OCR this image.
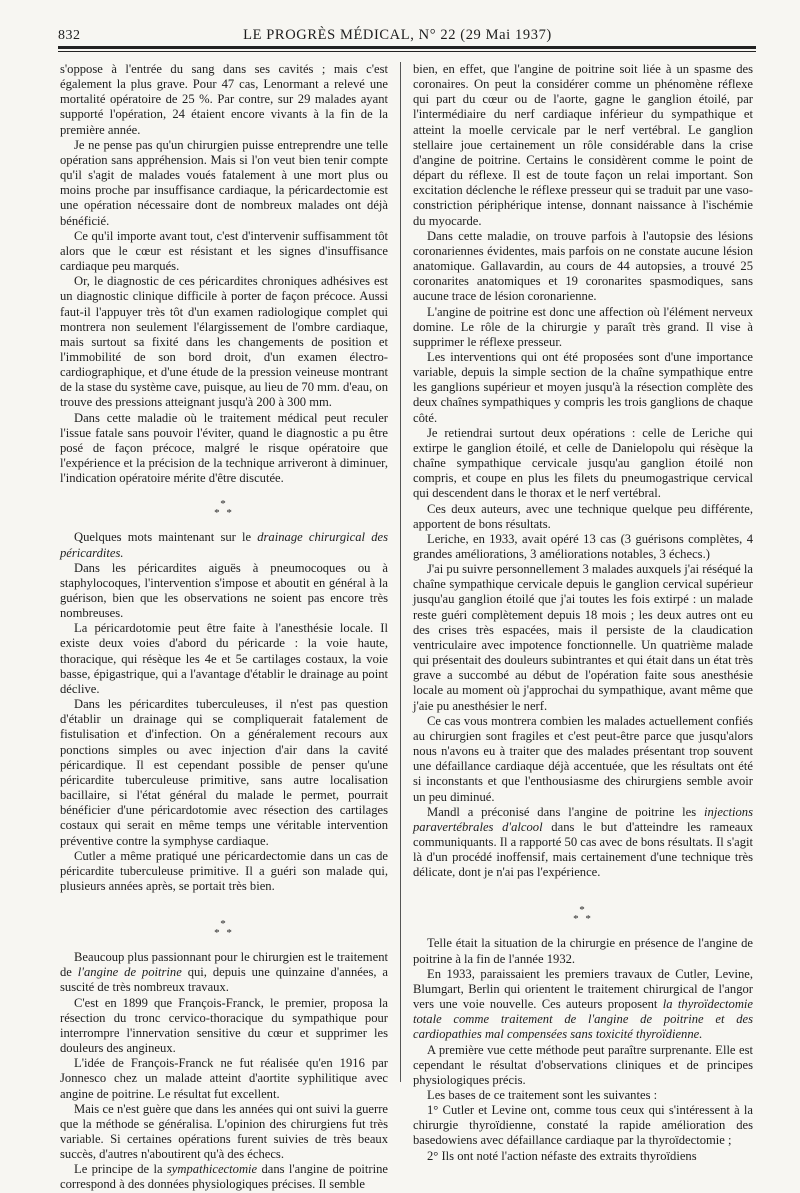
832	LE PROGRÈS MÉDICAL, N° 22 (29 Mai 1937)

s'oppose à l'entrée du sang dans ses cavités ; mais c'est également la plus grave. Pour 47 cas, Lenormant a relevé une mortalité opératoire de 25 %. Par contre, sur 29 malades ayant supporté l'opération, 24 étaient encore vivants à la fin de la première année.

Je ne pense pas qu'un chirurgien puisse entreprendre une telle opération sans appréhension. Mais si l'on veut bien tenir compte qu'il s'agit de malades voués fatalement à une mort plus ou moins proche par insuffisance cardiaque, la péricardectomie est une opération nécessaire dont de nombreux malades ont déjà bénéficié.

Ce qu'il importe avant tout, c'est d'intervenir suffisamment tôt alors que le cœur est résistant et les signes d'insuffisance cardiaque peu marqués.

Or, le diagnostic de ces péricardites chroniques adhésives est un diagnostic clinique difficile à porter de façon précoce. Aussi faut-il l'appuyer très tôt d'un examen radiologique complet qui montrera non seulement l'élargissement de l'ombre cardiaque, mais surtout sa fixité dans les changements de position et l'immobilité de son bord droit, d'un examen électro-cardiographique, et d'une étude de la pression veineuse montrant de la stase du système cave, puisque, au lieu de 70 mm. d'eau, on trouve des pressions atteignant jusqu'à 200 à 300 mm.

Dans cette maladie où le traitement médical peut reculer l'issue fatale sans pouvoir l'éviter, quand le diagnostic a pu être posé de façon précoce, malgré le risque opératoire que l'expérience et la précision de la technique arriveront à diminuer, l'indication opératoire mérite d'être discutée.

*
* *

Quelques mots maintenant sur le drainage chirurgical des péricardites.

Dans les péricardites aiguës à pneumocoques ou à staphylocoques, l'intervention s'impose et aboutit en général à la guérison, bien que les observations ne soient pas encore très nombreuses.

La péricardotomie peut être faite à l'anesthésie locale. Il existe deux voies d'abord du péricarde : la voie haute, thoracique, qui résèque les 4e et 5e cartilages costaux, la voie basse, épigastrique, qui a l'avantage d'établir le drainage au point déclive.

Dans les péricardites tuberculeuses, il n'est pas question d'établir un drainage qui se compliquerait fatalement de fistulisation et d'infection. On a généralement recours aux ponctions simples ou avec injection d'air dans la cavité péricardique. Il est cependant possible de penser qu'une péricardite tuberculeuse primitive, sans autre localisation bacillaire, si l'état général du malade le permet, pourrait bénéficier d'une péricardotomie avec résection des cartilages costaux qui serait en même temps une véritable intervention préventive contre la symphyse cardiaque.

Cutler a même pratiqué une péricardectomie dans un cas de péricardite tuberculeuse primitive. Il a guéri son malade qui, plusieurs années après, se portait très bien.

*
* *

Beaucoup plus passionnant pour le chirurgien est le traitement de l'angine de poitrine qui, depuis une quinzaine d'années, a suscité de très nombreux travaux.

C'est en 1899 que François-Franck, le premier, proposa la résection du tronc cervico-thoracique du sympathique pour interrompre l'innervation sensitive du cœur et supprimer les douleurs des angineux.

L'idée de François-Franck ne fut réalisée qu'en 1916 par Jonnesco chez un malade atteint d'aortite syphilitique avec angine de poitrine. Le résultat fut excellent.

Mais ce n'est guère que dans les années qui ont suivi la guerre que la méthode se généralisa. L'opinion des chirurgiens fut très variable. Si certaines opérations furent suivies de très beaux succès, d'autres n'aboutirent qu'à des échecs.

Le principe de la sympathicectomie dans l'angine de poitrine correspond à des données physiologiques précises. Il semble

bien, en effet, que l'angine de poitrine soit liée à un spasme des coronaires. On peut la considérer comme un phénomène réflexe qui part du cœur ou de l'aorte, gagne le ganglion étoilé, par l'intermédiaire du nerf cardiaque inférieur du sympathique et atteint la moelle cervicale par le nerf vertébral. Le ganglion stellaire joue certainement un rôle considérable dans la crise d'angine de poitrine. Certains le considèrent comme le point de départ du réflexe. Il est de toute façon un relai important. Son excitation déclenche le réflexe presseur qui se traduit par une vaso-constriction périphérique intense, donnant naissance à l'ischémie du myocarde.

Dans cette maladie, on trouve parfois à l'autopsie des lésions coronariennes évidentes, mais parfois on ne constate aucune lésion anatomique. Gallavardin, au cours de 44 autopsies, a trouvé 25 coronarites anatomiques et 19 coronarites spasmodiques, sans aucune trace de lésion coronarienne.

L'angine de poitrine est donc une affection où l'élément nerveux domine. Le rôle de la chirurgie y paraît très grand. Il vise à supprimer le réflexe presseur.

Les interventions qui ont été proposées sont d'une importance variable, depuis la simple section de la chaîne sympathique entre les ganglions supérieur et moyen jusqu'à la résection complète des deux chaînes sympathiques y compris les trois ganglions de chaque côté.

Je retiendrai surtout deux opérations : celle de Leriche qui extirpe le ganglion étoilé, et celle de Danielopolu qui résèque la chaîne sympathique cervicale jusqu'au ganglion étoilé non compris, et coupe en plus les filets du pneumogastrique cervical qui descendent dans le thorax et le nerf vertébral.

Ces deux auteurs, avec une technique quelque peu différente, apportent de bons résultats.

Leriche, en 1933, avait opéré 13 cas (3 guérisons complètes, 4 grandes améliorations, 3 améliorations notables, 3 échecs.)

J'ai pu suivre personnellement 3 malades auxquels j'ai réséqué la chaîne sympathique cervicale depuis le ganglion cervical supérieur jusqu'au ganglion étoilé que j'ai toutes les fois extirpé : un malade reste guéri complètement depuis 18 mois ; les deux autres ont eu des crises très espacées, mais il persiste de la claudication ventriculaire avec impotence fonctionnelle. Un quatrième malade qui présentait des douleurs subintrantes et qui était dans un état très grave a succombé au début de l'opération faite sous anesthésie locale au moment où j'approchai du sympathique, avant même que j'aie pu anesthésier le nerf.

Ce cas vous montrera combien les malades actuellement confiés au chirurgien sont fragiles et c'est peut-être parce que jusqu'alors nous n'avons eu à traiter que des malades présentant trop souvent une défaillance cardiaque déjà accentuée, que les résultats ont été si inconstants et que l'enthousiasme des chirurgiens semble avoir un peu diminué.

Mandl a préconisé dans l'angine de poitrine les injections paravertébrales d'alcool dans le but d'atteindre les rameaux communiquants. Il a rapporté 50 cas avec de bons résultats. Il s'agit là d'un procédé inoffensif, mais certainement d'une technique très délicate, dont je n'ai pas l'expérience.

*
* *

Telle était la situation de la chirurgie en présence de l'angine de poitrine à la fin de l'année 1932.

En 1933, paraissaient les premiers travaux de Cutler, Levine, Blumgart, Berlin qui orientent le traitement chirurgical de l'angor vers une voie nouvelle. Ces auteurs proposent la thyroïdectomie totale comme traitement de l'angine de poitrine et des cardiopathies mal compensées sans toxicité thyroïdienne.

A première vue cette méthode peut paraître surprenante. Elle est cependant le résultat d'observations cliniques et de principes physiologiques précis.

Les bases de ce traitement sont les suivantes :

1° Cutler et Levine ont, comme tous ceux qui s'intéressent à la chirurgie thyroïdienne, constaté la rapide amélioration des basedowiens avec défaillance cardiaque par la thyroïdectomie ;

2° Ils ont noté l'action néfaste des extraits thyroïdiens
